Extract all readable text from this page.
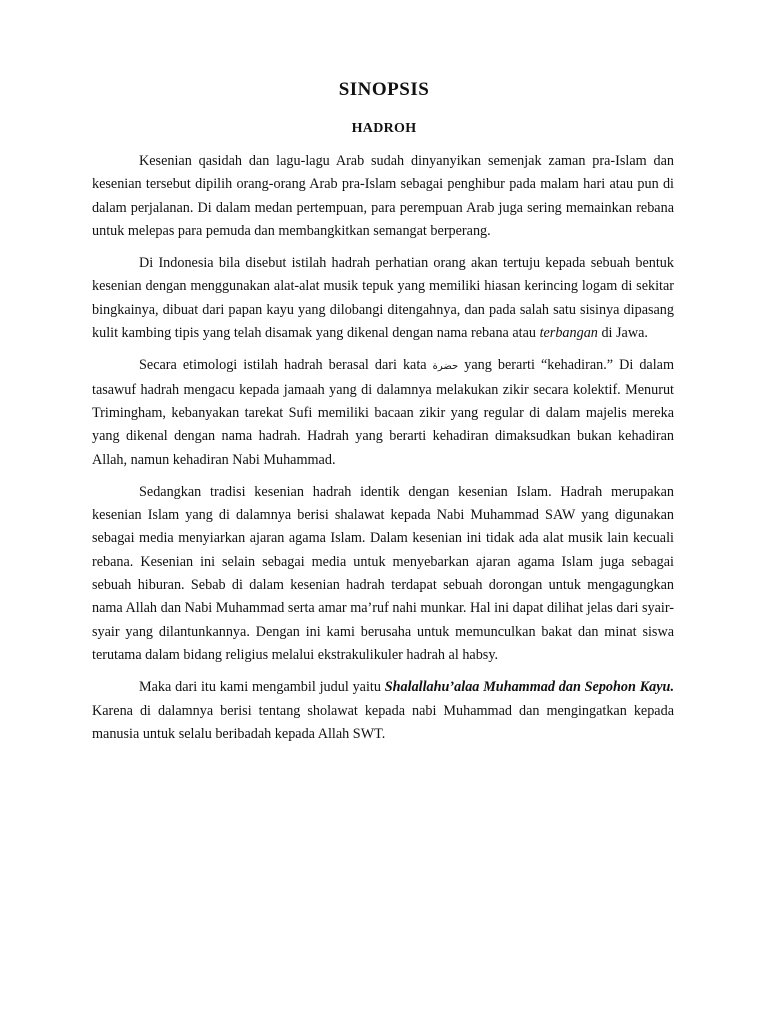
SINOPSIS
HADROH

Kesenian qasidah dan lagu-lagu Arab sudah dinyanyikan semenjak zaman pra-Islam dan kesenian tersebut dipilih orang-orang Arab pra-Islam sebagai penghibur pada malam hari atau pun di dalam perjalanan. Di dalam medan pertempuan, para perempuan Arab juga sering memainkan rebana untuk melepas para pemuda dan membangkitkan semangat berperang.

Di Indonesia bila disebut istilah hadrah perhatian orang akan tertuju kepada sebuah bentuk kesenian dengan menggunakan alat-alat musik tepuk yang memiliki hiasan kerincing logam di sekitar bingkainya, dibuat dari papan kayu yang dilobangi ditengahnya, dan pada salah satu sisinya dipasang kulit kambing tipis yang telah disamak yang dikenal dengan nama rebana atau terbangan di Jawa.

Secara etimologi istilah hadrah berasal dari kata حضرة yang berarti “kehadiran.” Di dalam tasawuf hadrah mengacu kepada jamaah yang di dalamnya melakukan zikir secara kolektif. Menurut Trimingham, kebanyakan tarekat Sufi memiliki bacaan zikir yang regular di dalam majelis mereka yang dikenal dengan nama hadrah. Hadrah yang berarti kehadiran dimaksudkan bukan kehadiran Allah, namun kehadiran Nabi Muhammad.

Sedangkan tradisi kesenian hadrah identik dengan kesenian Islam. Hadrah merupakan kesenian Islam yang di dalamnya berisi shalawat kepada Nabi Muhammad SAW yang digunakan sebagai media menyiarkan ajaran agama Islam. Dalam kesenian ini tidak ada alat musik lain kecuali rebana. Kesenian ini selain sebagai media untuk menyebarkan ajaran agama Islam juga sebagai sebuah hiburan. Sebab di dalam kesenian hadrah terdapat sebuah dorongan untuk mengagungkan nama Allah dan Nabi Muhammad serta amar ma’ruf nahi munkar. Hal ini dapat dilihat jelas dari syair-syair yang dilantunkannya. Dengan ini kami berusaha untuk memunculkan bakat dan minat siswa terutama dalam bidang religius melalui ekstrakulikuler hadrah al habsy.

Maka dari itu kami mengambil judul yaitu Shalallahu’alaa Muhammad dan Sepohon Kayu. Karena di dalamnya berisi tentang sholawat kepada nabi Muhammad dan mengingatkan kepada manusia untuk selalu beribadah kepada Allah SWT.
